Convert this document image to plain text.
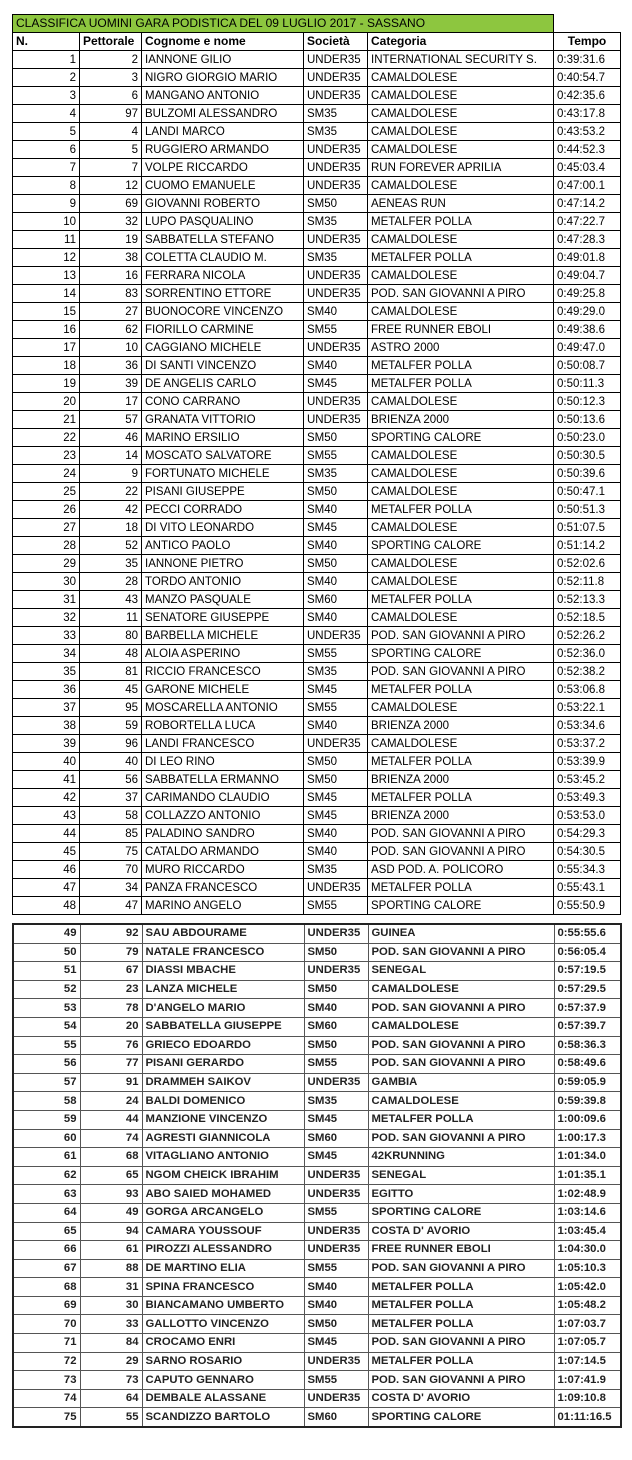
CLASSIFICA UOMINI GARA PODISTICA DEL 09 LUGLIO 2017 - SASSANO					
N.	Pettorale	Cognome e nome	Società	Categoria	Tempo
1	2	IANNONE GILIO	UNDER35	INTERNATIONAL SECURITY S.	0:39:31.6
2	3	NIGRO GIORGIO MARIO	UNDER35	CAMALDOLESE	0:40:54.7
3	6	MANGANO ANTONIO	UNDER35	CAMALDOLESE	0:42:35.6
4	97	BULZOMI ALESSANDRO	SM35	CAMALDOLESE	0:43:17.8
5	4	LANDI MARCO	SM35	CAMALDOLESE	0:43:53.2
6	5	RUGGIERO ARMANDO	UNDER35	CAMALDOLESE	0:44:52.3
7	7	VOLPE RICCARDO	UNDER35	RUN FOREVER APRILIA	0:45:03.4
8	12	CUOMO EMANUELE	UNDER35	CAMALDOLESE	0:47:00.1
9	69	GIOVANNI ROBERTO	SM50	AENEAS RUN	0:47:14.2
10	32	LUPO PASQUALINO	SM35	METALFER POLLA	0:47:22.7
11	19	SABBATELLA STEFANO	UNDER35	CAMALDOLESE	0:47:28.3
12	38	COLETTA CLAUDIO M.	SM35	METALFER POLLA	0:49:01.8
13	16	FERRARA NICOLA	UNDER35	CAMALDOLESE	0:49:04.7
14	83	SORRENTINO ETTORE	UNDER35	POD. SAN GIOVANNI A PIRO	0:49:25.8
15	27	BUONOCORE VINCENZO	SM40	CAMALDOLESE	0:49:29.0
16	62	FIORILLO CARMINE	SM55	FREE RUNNER EBOLI	0:49:38.6
17	10	CAGGIANO MICHELE	UNDER35	ASTRO 2000	0:49:47.0
18	36	DI SANTI VINCENZO	SM40	METALFER POLLA	0:50:08.7
19	39	DE ANGELIS CARLO	SM45	METALFER POLLA	0:50:11.3
20	17	CONO CARRANO	UNDER35	CAMALDOLESE	0:50:12.3
21	57	GRANATA VITTORIO	UNDER35	BRIENZA 2000	0:50:13.6
22	46	MARINO ERSILIO	SM50	SPORTING CALORE	0:50:23.0
23	14	MOSCATO SALVATORE	SM55	CAMALDOLESE	0:50:30.5
24	9	FORTUNATO MICHELE	SM35	CAMALDOLESE	0:50:39.6
25	22	PISANI GIUSEPPE	SM50	CAMALDOLESE	0:50:47.1
26	42	PECCI CORRADO	SM40	METALFER POLLA	0:50:51.3
27	18	DI VITO LEONARDO	SM45	CAMALDOLESE	0:51:07.5
28	52	ANTICO PAOLO	SM40	SPORTING CALORE	0:51:14.2
29	35	IANNONE PIETRO	SM50	CAMALDOLESE	0:52:02.6
30	28	TORDO ANTONIO	SM40	CAMALDOLESE	0:52:11.8
31	43	MANZO PASQUALE	SM60	METALFER POLLA	0:52:13.3
32	11	SENATORE GIUSEPPE	SM40	CAMALDOLESE	0:52:18.5
33	80	BARBELLA MICHELE	UNDER35	POD. SAN GIOVANNI A PIRO	0:52:26.2
34	48	ALOIA ASPERINO	SM55	SPORTING CALORE	0:52:36.0
35	81	RICCIO FRANCESCO	SM35	POD. SAN GIOVANNI A PIRO	0:52:38.2
36	45	GARONE MICHELE	SM45	METALFER POLLA	0:53:06.8
37	95	MOSCARELLA ANTONIO	SM55	CAMALDOLESE	0:53:22.1
38	59	ROBORTELLA LUCA	SM40	BRIENZA 2000	0:53:34.6
39	96	LANDI FRANCESCO	UNDER35	CAMALDOLESE	0:53:37.2
40	40	DI LEO RINO	SM50	METALFER POLLA	0:53:39.9
41	56	SABBATELLA ERMANNO	SM50	BRIENZA 2000	0:53:45.2
42	37	CARIMANDO CLAUDIO	SM45	METALFER POLLA	0:53:49.3
43	58	COLLAZZO ANTONIO	SM45	BRIENZA 2000	0:53:53.0
44	85	PALADINO SANDRO	SM40	POD. SAN GIOVANNI A PIRO	0:54:29.3
45	75	CATALDO ARMANDO	SM40	POD. SAN GIOVANNI A PIRO	0:54:30.5
46	70	MURO RICCARDO	SM35	ASD POD. A. POLICORO	0:55:34.3
47	34	PANZA FRANCESCO	UNDER35	METALFER POLLA	0:55:43.1
48	47	MARINO ANGELO	SM55	SPORTING CALORE	0:55:50.9
49	92	SAU ABDOURAME	UNDER35	GUINEA	0:55:55.6
50	79	NATALE FRANCESCO	SM50	POD. SAN GIOVANNI A PIRO	0:56:05.4
51	67	DIASSI MBACHE	UNDER35	SENEGAL	0:57:19.5
52	23	LANZA MICHELE	SM50	CAMALDOLESE	0:57:29.5
53	78	D'ANGELO MARIO	SM40	POD. SAN GIOVANNI A PIRO	0:57:37.9
54	20	SABBATELLA GIUSEPPE	SM60	CAMALDOLESE	0:57:39.7
55	76	GRIECO EDOARDO	SM50	POD. SAN GIOVANNI A PIRO	0:58:36.3
56	77	PISANI GERARDO	SM55	POD. SAN GIOVANNI A PIRO	0:58:49.6
57	91	DRAMMEH SAIKOV	UNDER35	GAMBIA	0:59:05.9
58	24	BALDI DOMENICO	SM35	CAMALDOLESE	0:59:39.8
59	44	MANZIONE VINCENZO	SM45	METALFER POLLA	1:00:09.6
60	74	AGRESTI GIANNICOLA	SM60	POD. SAN GIOVANNI A PIRO	1:00:17.3
61	68	VITAGLIANO ANTONIO	SM45	42KRUNNING	1:01:34.0
62	65	NGOM CHEICK IBRAHIM	UNDER35	SENEGAL	1:01:35.1
63	93	ABO SAIED MOHAMED	UNDER35	EGITTO	1:02:48.9
64	49	GORGA ARCANGELO	SM55	SPORTING CALORE	1:03:14.6
65	94	CAMARA YOUSSOUF	UNDER35	COSTA D' AVORIO	1:03:45.4
66	61	PIROZZI ALESSANDRO	UNDER35	FREE RUNNER EBOLI	1:04:30.0
67	88	DE MARTINO ELIA	SM55	POD. SAN GIOVANNI A PIRO	1:05:10.3
68	31	SPINA FRANCESCO	SM40	METALFER POLLA	1:05:42.0
69	30	BIANCAMANO UMBERTO	SM40	METALFER POLLA	1:05:48.2
70	33	GALLOTTO VINCENZO	SM50	METALFER POLLA	1:07:03.7
71	84	CROCAMO ENRI	SM45	POD. SAN GIOVANNI A PIRO	1:07:05.7
72	29	SARNO ROSARIO	UNDER35	METALFER POLLA	1:07:14.5
73	73	CAPUTO GENNARO	SM55	POD. SAN GIOVANNI A PIRO	1:07:41.9
74	64	DEMBALE ALASSANE	UNDER35	COSTA D' AVORIO	1:09:10.8
75	55	SCANDIZZO BARTOLO	SM60	SPORTING CALORE	01:11:16.5
